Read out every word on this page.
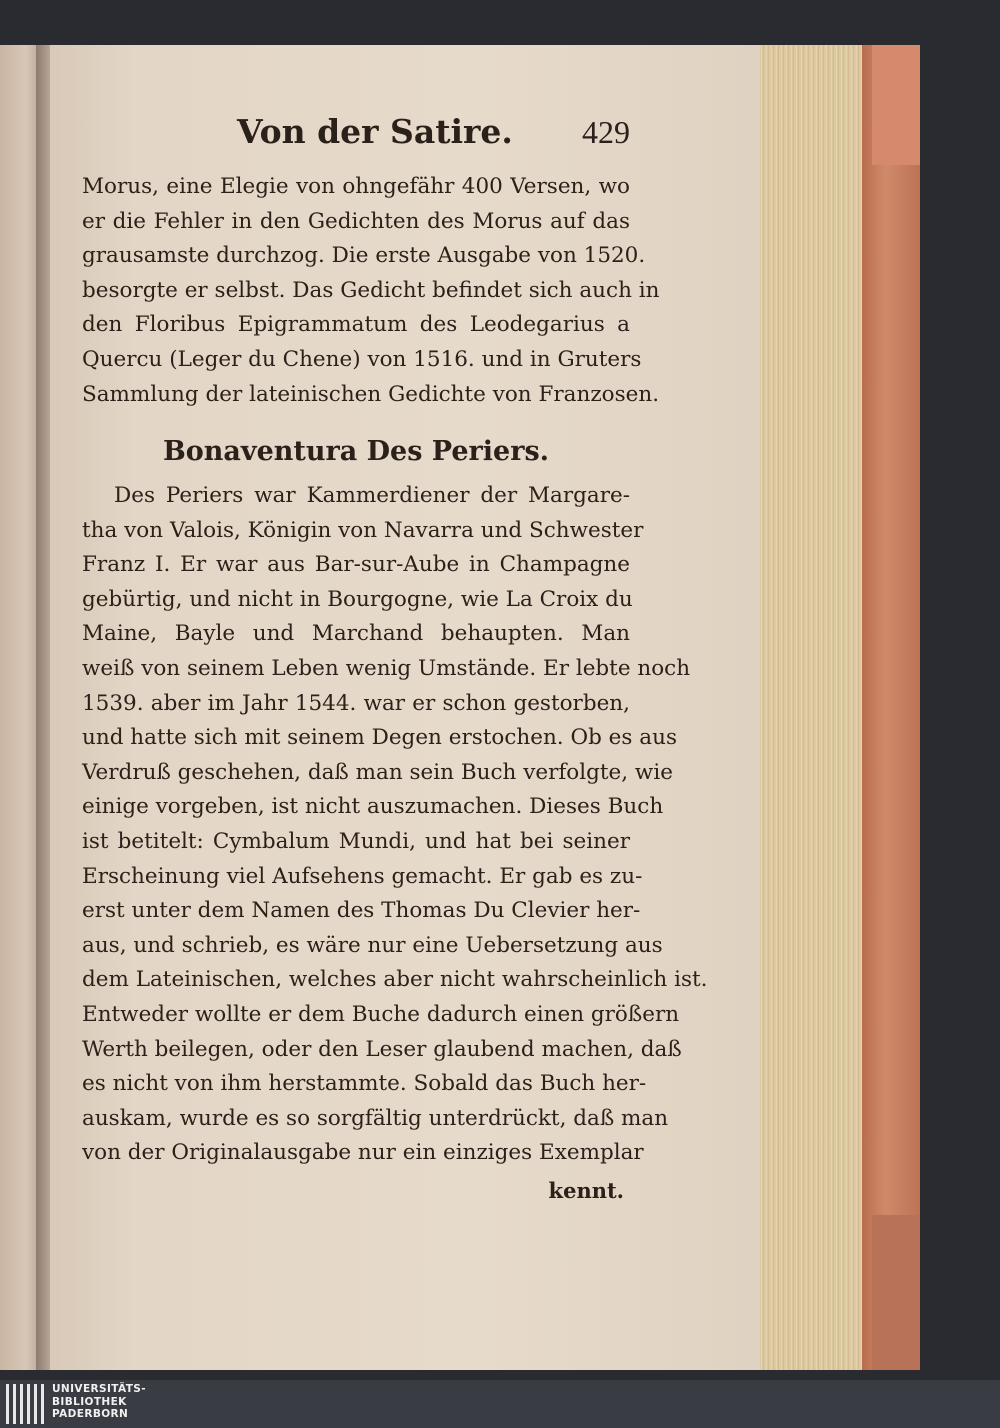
Von der Satire. 429
Morus, eine Elegie von ohngefähr 400 Versen, wo
er die Fehler in den Gedichten des Morus auf das
grausamste durchzog. Die erste Ausgabe von 1520.
besorgte er selbst. Das Gedicht befindet sich auch in
den Floribus Epigrammatum des Leodegarius a
Quercu (Leger du Chene) von 1516. und in Gruters
Sammlung der lateinischen Gedichte von Franzosen.
Bonaventura Des Periers.
Des Periers war Kammerdiener der Margare-
tha von Valois, Königin von Navarra und Schwester
Franz I. Er war aus Bar-sur-Aube in Champagne
gebürtig, und nicht in Bourgogne, wie La Croix du
Maine, Bayle und Marchand behaupten. Man
weiß von seinem Leben wenig Umstände. Er lebte noch
1539. aber im Jahr 1544. war er schon gestorben,
und hatte sich mit seinem Degen erstochen. Ob es aus
Verdruß geschehen, daß man sein Buch verfolgte, wie
einige vorgeben, ist nicht auszumachen. Dieses Buch
ist betitelt: Cymbalum Mundi, und hat bei seiner
Erscheinung viel Aufsehens gemacht. Er gab es zu-
erst unter dem Namen des Thomas Du Clevier her-
aus, und schrieb, es wäre nur eine Uebersetzung aus
dem Lateinischen, welches aber nicht wahrscheinlich ist.
Entweder wollte er dem Buche dadurch einen größern
Werth beilegen, oder den Leser glaubend machen, daß
es nicht von ihm herstammte. Sobald das Buch her-
auskam, wurde es so sorgfältig unterdrückt, daß man
von der Originalausgabe nur ein einziges Exemplar
kennt.
UNIVERSITÄTS-
BIBLIOTHEK
PADERBORN
